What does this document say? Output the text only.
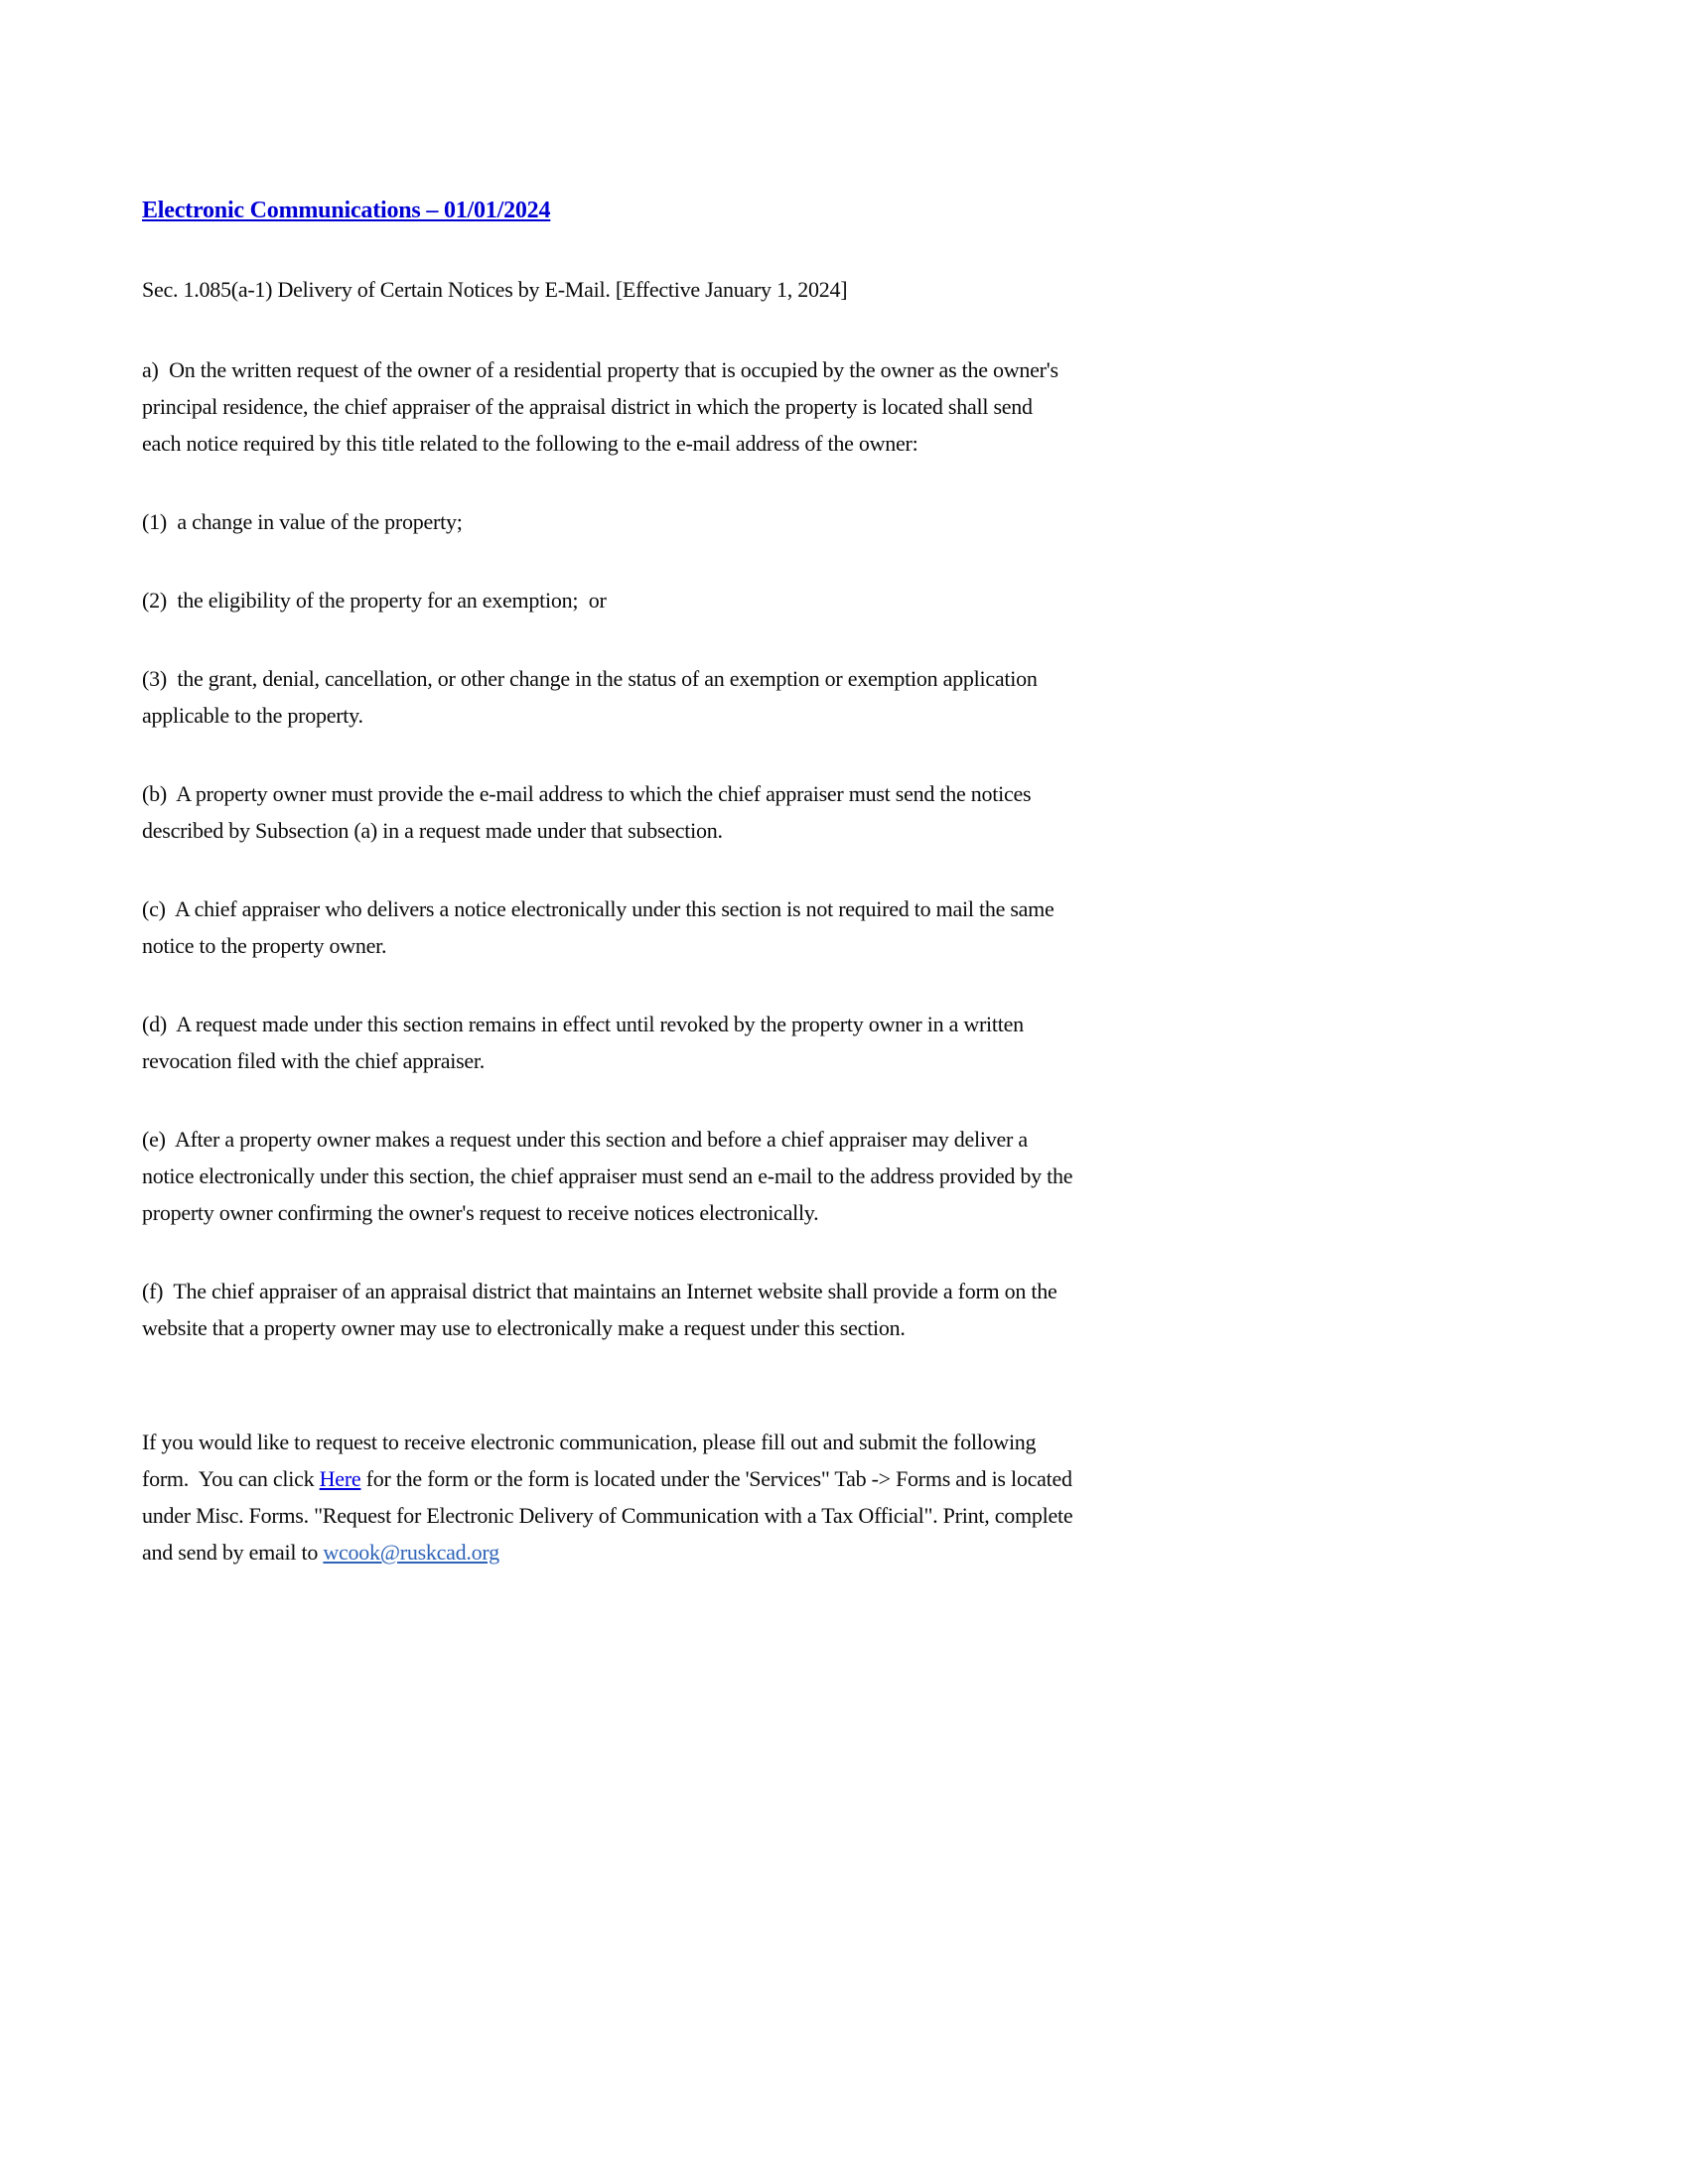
Electronic Communications – 01/01/2024

Sec. 1.085(a-1) Delivery of Certain Notices by E-Mail. [Effective January 1, 2024]

a)  On the written request of the owner of a residential property that is occupied by the owner as the owner's principal residence, the chief appraiser of the appraisal district in which the property is located shall send each notice required by this title related to the following to the e-mail address of the owner:

(1)  a change in value of the property;

(2)  the eligibility of the property for an exemption;  or

(3)  the grant, denial, cancellation, or other change in the status of an exemption or exemption application applicable to the property.

(b)  A property owner must provide the e-mail address to which the chief appraiser must send the notices described by Subsection (a) in a request made under that subsection.

(c)  A chief appraiser who delivers a notice electronically under this section is not required to mail the same notice to the property owner.

(d)  A request made under this section remains in effect until revoked by the property owner in a written revocation filed with the chief appraiser.

(e)  After a property owner makes a request under this section and before a chief appraiser may deliver a notice electronically under this section, the chief appraiser must send an e-mail to the address provided by the property owner confirming the owner's request to receive notices electronically.

(f)  The chief appraiser of an appraisal district that maintains an Internet website shall provide a form on the website that a property owner may use to electronically make a request under this section.

If you would like to request to receive electronic communication, please fill out and submit the following form.  You can click Here for the form or the form is located under the 'Services" Tab -> Forms and is located under Misc. Forms. "Request for Electronic Delivery of Communication with a Tax Official". Print, complete and send by email to wcook@ruskcad.org
